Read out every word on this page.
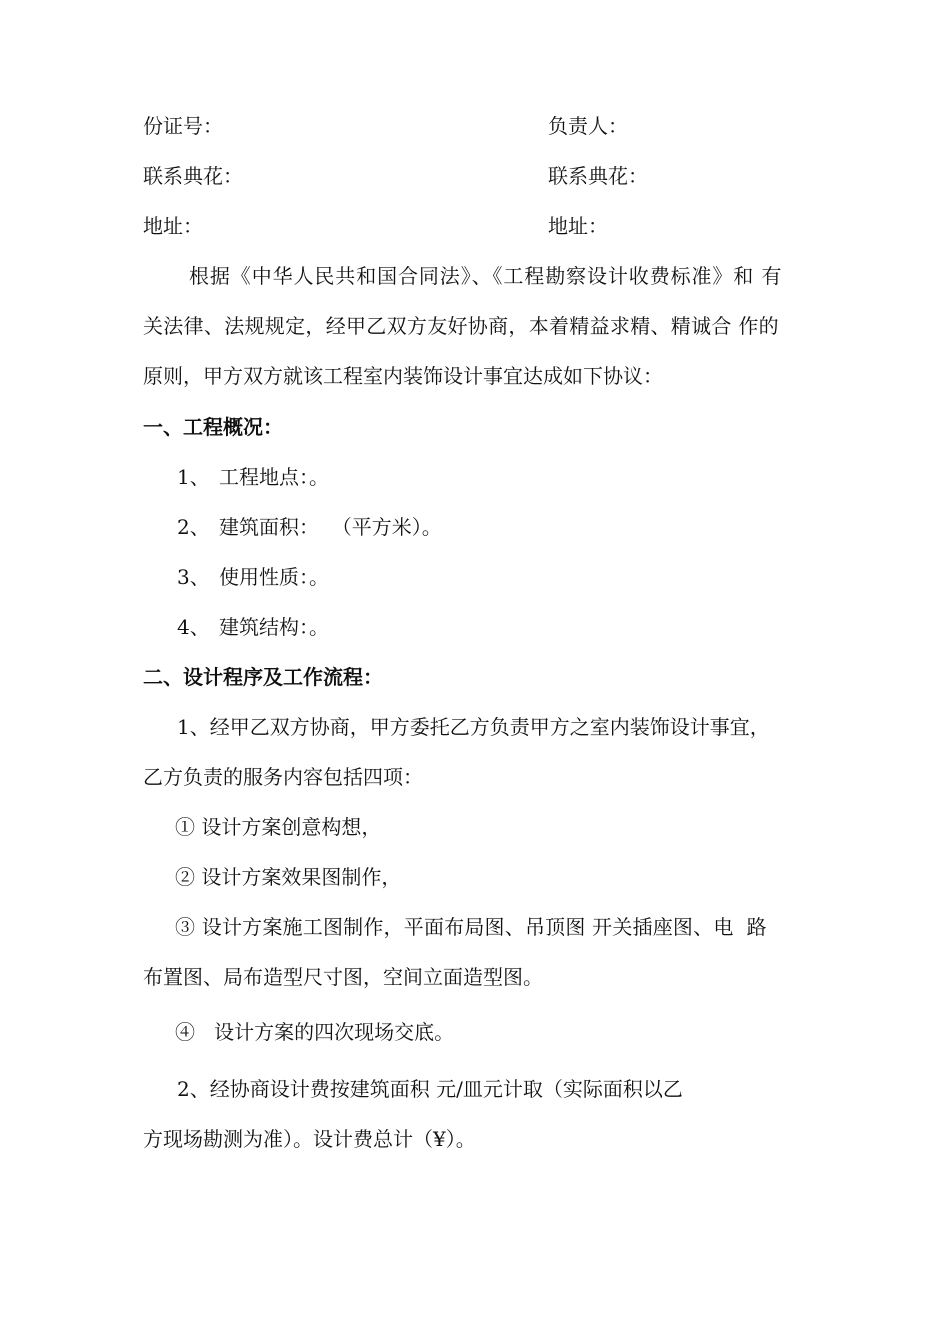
份证号：	负责人：
联系典花：	联系典花：
地址：	地址：
根据《中华人民共和国合同法》、《工程勘察设计收费标准》和 有
关法律、法规规定，经甲乙双方友好协商，本着精益求精、精诚合 作的
原则，甲方双方就该工程室内装饰设计事宜达成如下协议：
一、工程概况：
1、 工程地点：。
2、 建筑面积：  （平方米）。
3、 使用性质：。
4、 建筑结构：。
二、设计程序及工作流程：
1、经甲乙双方协商，甲方委托乙方负责甲方之室内装饰设计事宜，
乙方负责的服务内容包括四项：
① 设计方案创意构想，
② 设计方案效果图制作，
③ 设计方案施工图制作，平面布局图、吊顶图 开关插座图、电  路
布置图、局布造型尺寸图，空间立面造型图。
④   设计方案的四次现场交底。
2、经协商设计费按建筑面积 元/皿元计取（实际面积以乙
方现场勘测为准）。设计费总计（¥）。
